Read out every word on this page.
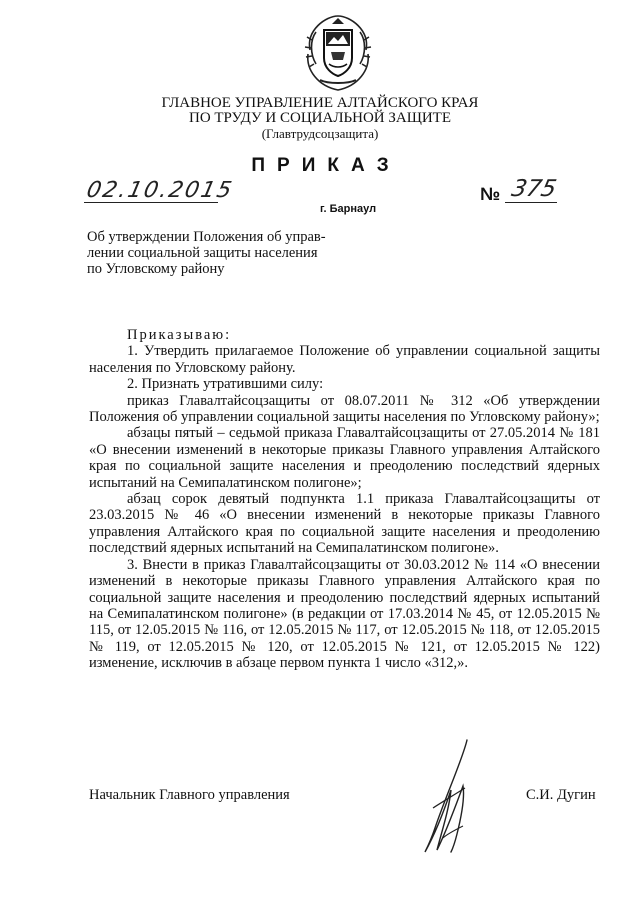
ГЛАВНОЕ УПРАВЛЕНИЕ АЛТАЙСКОГО КРАЯ
ПО ТРУДУ И СОЦИАЛЬНОЙ ЗАЩИТЕ
(Главтрудсоцзащита)
ПРИКАЗ
02.10.2015	№ 375
г. Барнаул
Об утверждении Положения об управ-
лении социальной защиты населения
по Угловскому району

Приказываю:

1. Утвердить прилагаемое Положение об управлении социальной защиты населения по Угловскому району.

2. Признать утратившими силу:

приказ Главалтайсоцзащиты от 08.07.2011 № 312 «Об утверждении Положения об управлении социальной защиты населения по Угловскому району»;

абзацы пятый – седьмой приказа Главалтайсоцзащиты от 27.05.2014 № 181 «О внесении изменений в некоторые приказы Главного управления Алтайского края по социальной защите населения и преодолению последствий ядерных испытаний на Семипалатинском полигоне»;

абзац сорок девятый подпункта 1.1 приказа Главалтайсоцзащиты от 23.03.2015 № 46 «О внесении изменений в некоторые приказы Главного управления Алтайского края по социальной защите населения и преодолению последствий ядерных испытаний на Семипалатинском полигоне».

3. Внести в приказ Главалтайсоцзащиты от 30.03.2012 № 114 «О внесении изменений в некоторые приказы Главного управления Алтайского края по социальной защите населения и преодолению последствий ядерных испытаний на Семипалатинском полигоне» (в редакции от 17.03.2014 № 45, от 12.05.2015 № 115, от 12.05.2015 № 116, от 12.05.2015 № 117, от 12.05.2015 № 118, от 12.05.2015 № 119, от 12.05.2015 № 120, от 12.05.2015 № 121, от 12.05.2015 № 122) изменение, исключив в абзаце первом пункта 1 число «312,».

Начальник Главного управления	С.И. Дугин
